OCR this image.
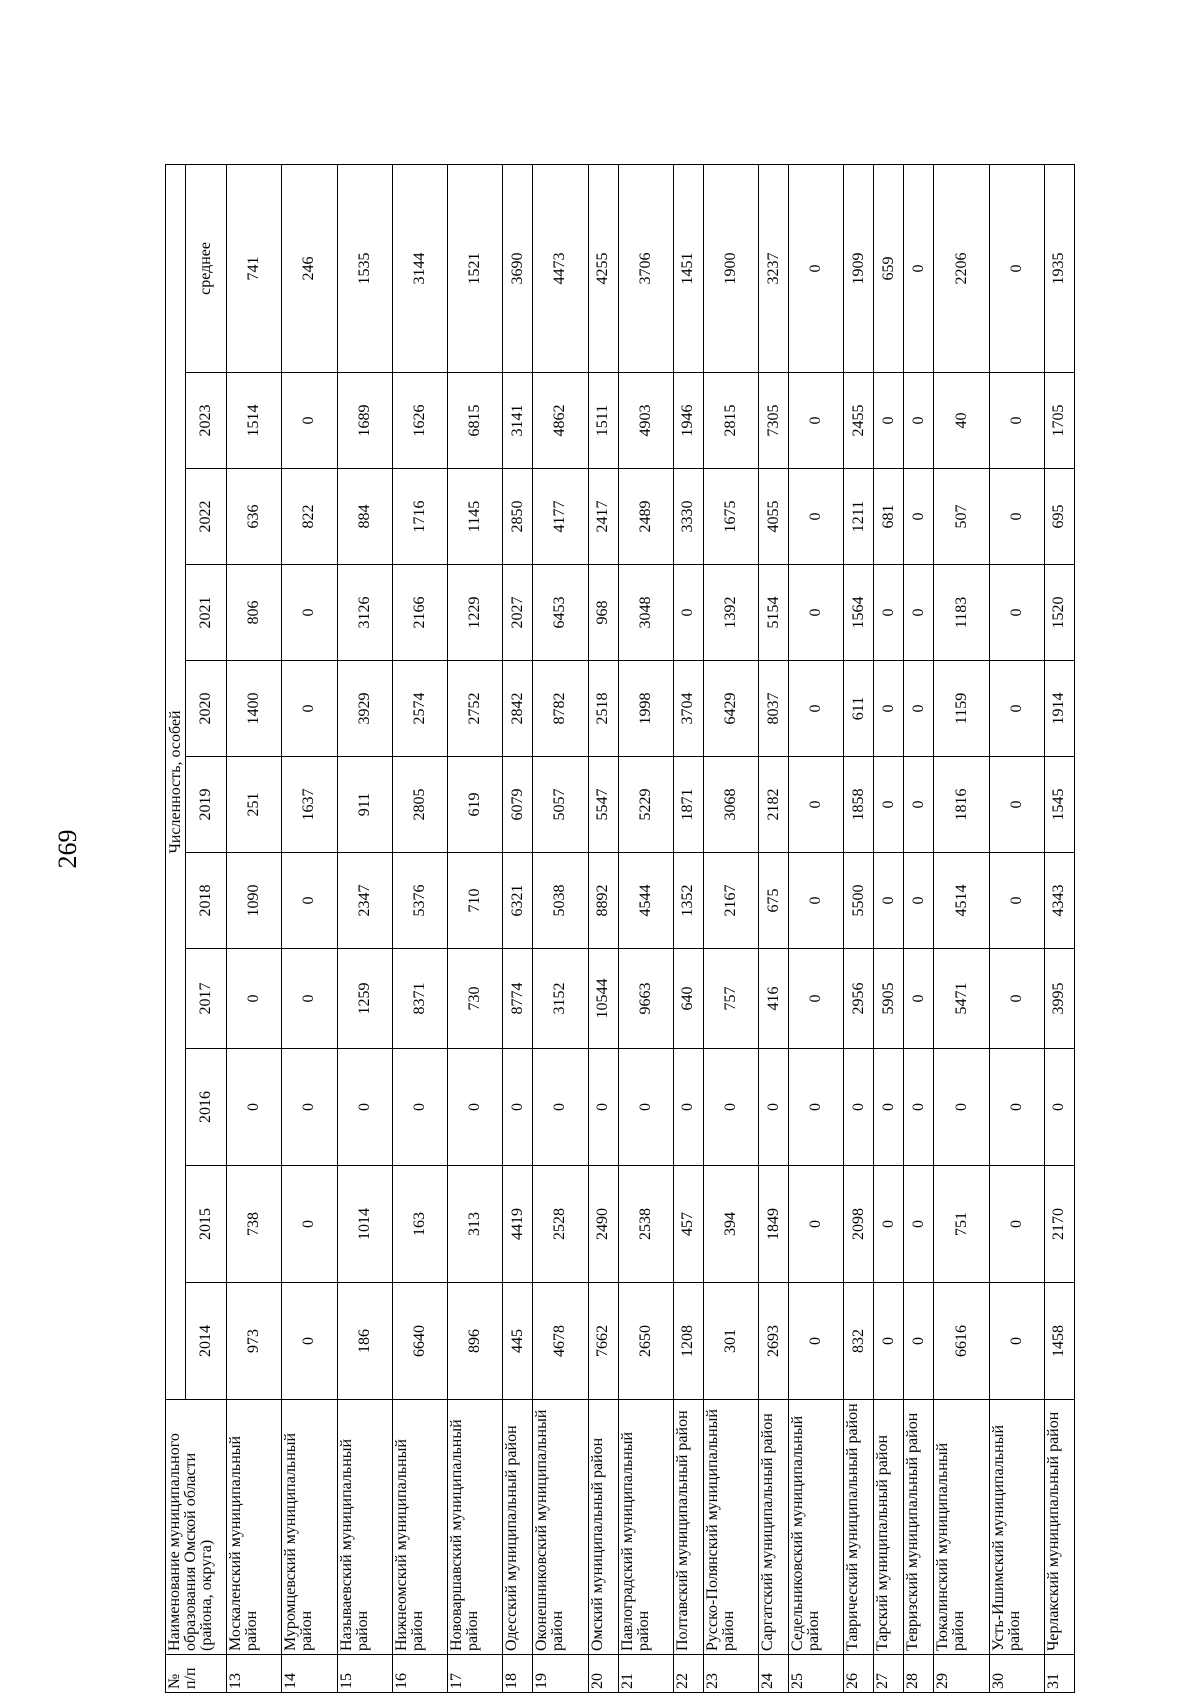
269
№ п/п	Наименование муниципального образования Омской области (района, округа)	Численность, особей										
		2014	2015	2016	2017	2018	2019	2020	2021	2022	2023	среднее
13	Москаленский муниципальный район	973	738	0	0	1090	251	1400	806	636	1514	741
14	Муромцевский муниципальный район	0	0	0	0	0	1637	0	0	822	0	246
15	Называевский муниципальный район	186	1014	0	1259	2347	911	3929	3126	884	1689	1535
16	Нижнеомский муниципальный район	6640	163	0	8371	5376	2805	2574	2166	1716	1626	3144
17	Нововаршавский муниципальный район	896	313	0	730	710	619	2752	1229	1145	6815	1521
18	Одесский муниципальный район	445	4419	0	8774	6321	6079	2842	2027	2850	3141	3690
19	Оконешниковский муниципальный район	4678	2528	0	3152	5038	5057	8782	6453	4177	4862	4473
20	Омский муниципальный район	7662	2490	0	10544	8892	5547	2518	968	2417	1511	4255
21	Павлоградский муниципальный район	2650	2538	0	9663	4544	5229	1998	3048	2489	4903	3706
22	Полтавский муниципальный район	1208	457	0	640	1352	1871	3704	0	3330	1946	1451
23	Русско-Полянский муниципальный район	301	394	0	757	2167	3068	6429	1392	1675	2815	1900
24	Саргатский муниципальный район	2693	1849	0	416	675	2182	8037	5154	4055	7305	3237
25	Седельниковский муниципальный район	0	0	0	0	0	0	0	0	0	0	0
26	Таврический муниципальный район	832	2098	0	2956	5500	1858	611	1564	1211	2455	1909
27	Тарский муниципальный район	0	0	0	5905	0	0	0	0	681	0	659
28	Тевризский муниципальный район	0	0	0	0	0	0	0	0	0	0	0
29	Тюкалинский муниципальный район	6616	751	0	5471	4514	1816	1159	1183	507	40	2206
30	Усть-Ишимский муниципальный район	0	0	0	0	0	0	0	0	0	0	0
31	Черлакский муниципальный район	1458	2170	0	3995	4343	1545	1914	1520	695	1705	1935
